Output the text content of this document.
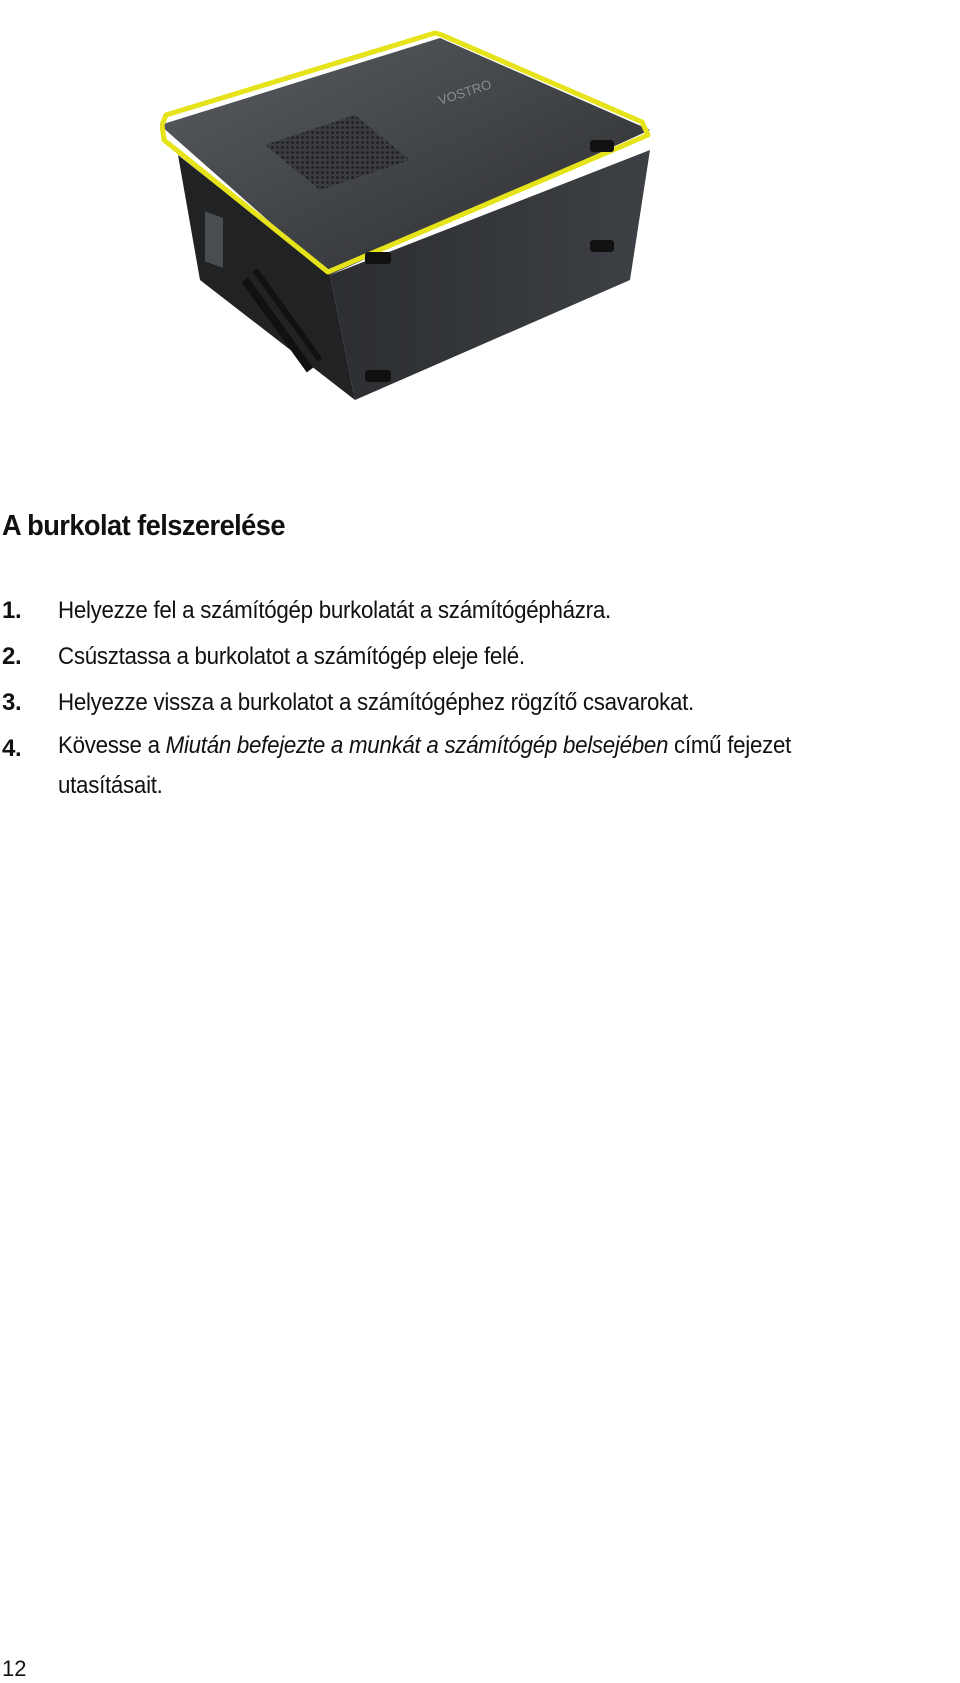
VOSTRO
A burkolat felszerelése
1. Helyezze fel a számítógép burkolatát a számítógépházra.
2. Csúsztassa a burkolatot a számítógép eleje felé.
3. Helyezze vissza a burkolatot a számítógéphez rögzítő csavarokat.
4. Kövesse a Miután befejezte a munkát a számítógép belsejében című fejezet
utasításait.
12
